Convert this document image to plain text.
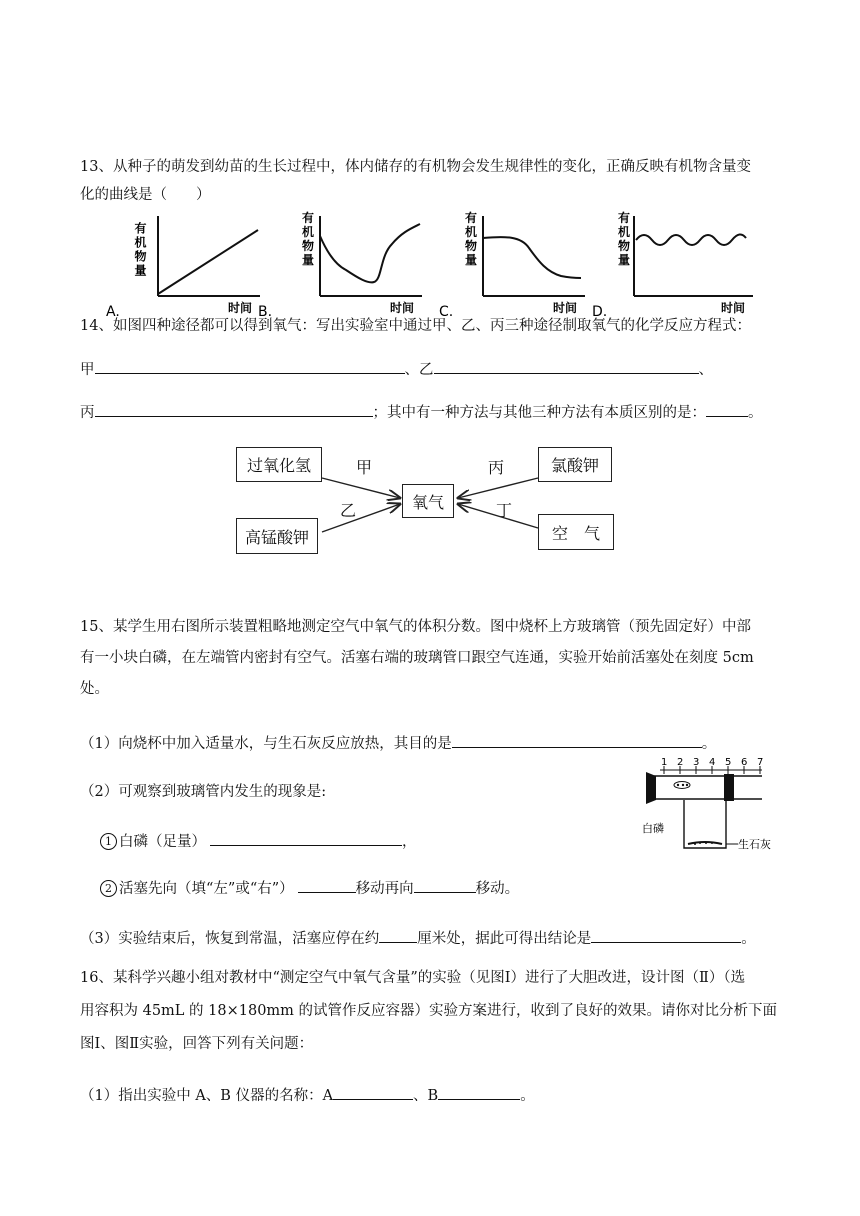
13、从种子的萌发到幼苗的生长过程中，体内储存的有机物会发生规律性的变化，正确反映有机物含量变
化的曲线是（　　）
有机物量
时间
A.
有机物量
时间
B.
有机物量
时间
C.
有机物量
时间
D.
14、如图四种途径都可以得到氧气：写出实验室中通过甲、乙、丙三种途径制取氧气的化学反应方程式：
甲	、乙	、
丙	；其中有一种方法与其他三种方法有本质区别的是：	。
过氧化氢	氯酸钾
高锰酸钾	空　气
氧气
甲
乙
丙
丁
15、某学生用右图所示装置粗略地测定空气中氧气的体积分数。图中烧杯上方玻璃管（预先固定好）中部
有一小块白磷，在左端管内密封有空气。活塞右端的玻璃管口跟空气连通，实验开始前活塞处在刻度 5cm
处。
（1）向烧杯中加入适量水，与生石灰反应放热，其目的是	。
（2）可观察到玻璃管内发生的现象是:
1 白磷（足量）	，
2 活塞先向（填“左”或“右”）	移动再向	移动。
（3）实验结束后，恢复到常温，活塞应停在约	厘米处，据此可得出结论是	。
1 2 3 4 5 6 7
白磷
生石灰
16、某科学兴趣小组对教材中“测定空气中氧气含量”的实验（见图Ⅰ）进行了大胆改进，设计图（Ⅱ）（选
用容积为 45mL 的 18×180mm 的试管作反应容器）实验方案进行，收到了良好的效果。请你对比分析下面
图Ⅰ、图Ⅱ实验，回答下列有关问题：
（1）指出实验中 A、B 仪器的名称：A	、B	。
